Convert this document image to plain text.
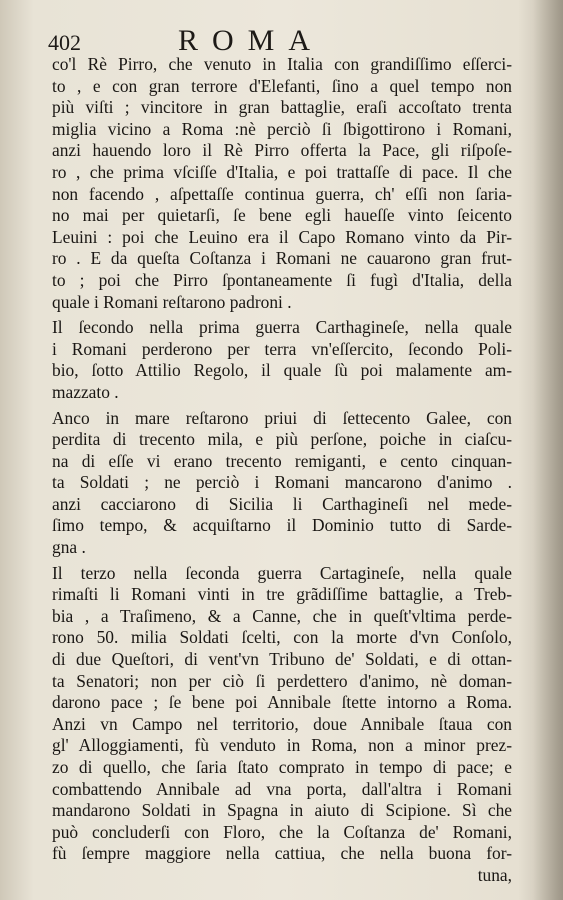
402	ROMA
co'l Rè Pirro, che venuto in Italia con grandiſſimo eſſerci-
to , e con gran terrore d'Elefanti, ſino a quel tempo non
più viſti ; vincitore in gran battaglie, eraſi accoſtato trenta
miglia vicino a Roma :nè perciò ſi ſbigottirono i Romani,
anzi hauendo loro il Rè Pirro offerta la Pace, gli riſpoſe-
ro , che prima vſciſſe d'Italia, e poi trattaſſe di pace. Il che
non facendo , aſpettaſſe continua guerra, ch' eſſi non ſaria-
no mai per quietarſi, ſe bene egli haueſſe vinto ſeicento
Leuini : poi che Leuino era il Capo Romano vinto da Pir-
ro . E da queſta Coſtanza i Romani ne cauarono gran frut-
to ; poi che Pirro ſpontaneamente ſi fugì d'Italia, della
quale i Romani reſtarono padroni .
Il ſecondo nella prima guerra Carthagineſe, nella quale
i Romani perderono per terra vn'eſſercito, ſecondo Poli-
bio, ſotto Attilio Regolo, il quale ſù poi malamente am-
mazzato .
Anco in mare reſtarono priui di ſettecento Galee, con
perdita di trecento mila, e più perſone, poiche in ciaſcu-
na di eſſe vi erano trecento remiganti, e cento cinquan-
ta Soldati ; ne perciò i Romani mancarono d'animo .
anzi cacciarono di Sicilia li Carthagineſi nel mede-
ſimo tempo, & acquiſtarno il Dominio tutto di Sarde-
gna .
Il terzo nella ſeconda guerra Cartagineſe, nella quale
rimaſti li Romani vinti in tre grãdiſſime battaglie, a Treb-
bia , a Traſimeno, & a Canne, che in queſt'vltima perde-
rono 50. milia Soldati ſcelti, con la morte d'vn Conſolo,
di due Queſtori, di vent'vn Tribuno de' Soldati, e di ottan-
ta Senatori; non per ciò ſi perdettero d'animo, nè doman-
darono pace ; ſe bene poi Annibale ſtette intorno a Roma.
Anzi vn Campo nel territorio, doue Annibale ſtaua con
gl' Alloggiamenti, fù venduto in Roma, non a minor prez-
zo di quello, che ſaria ſtato comprato in tempo di pace; e
combattendo Annibale ad vna porta, dall'altra i Romani
mandarono Soldati in Spagna in aiuto di Scipione. Sì che
può concluderſi con Floro, che la Coſtanza de' Romani,
fù ſempre maggiore nella cattiua, che nella buona for-
tuna,
